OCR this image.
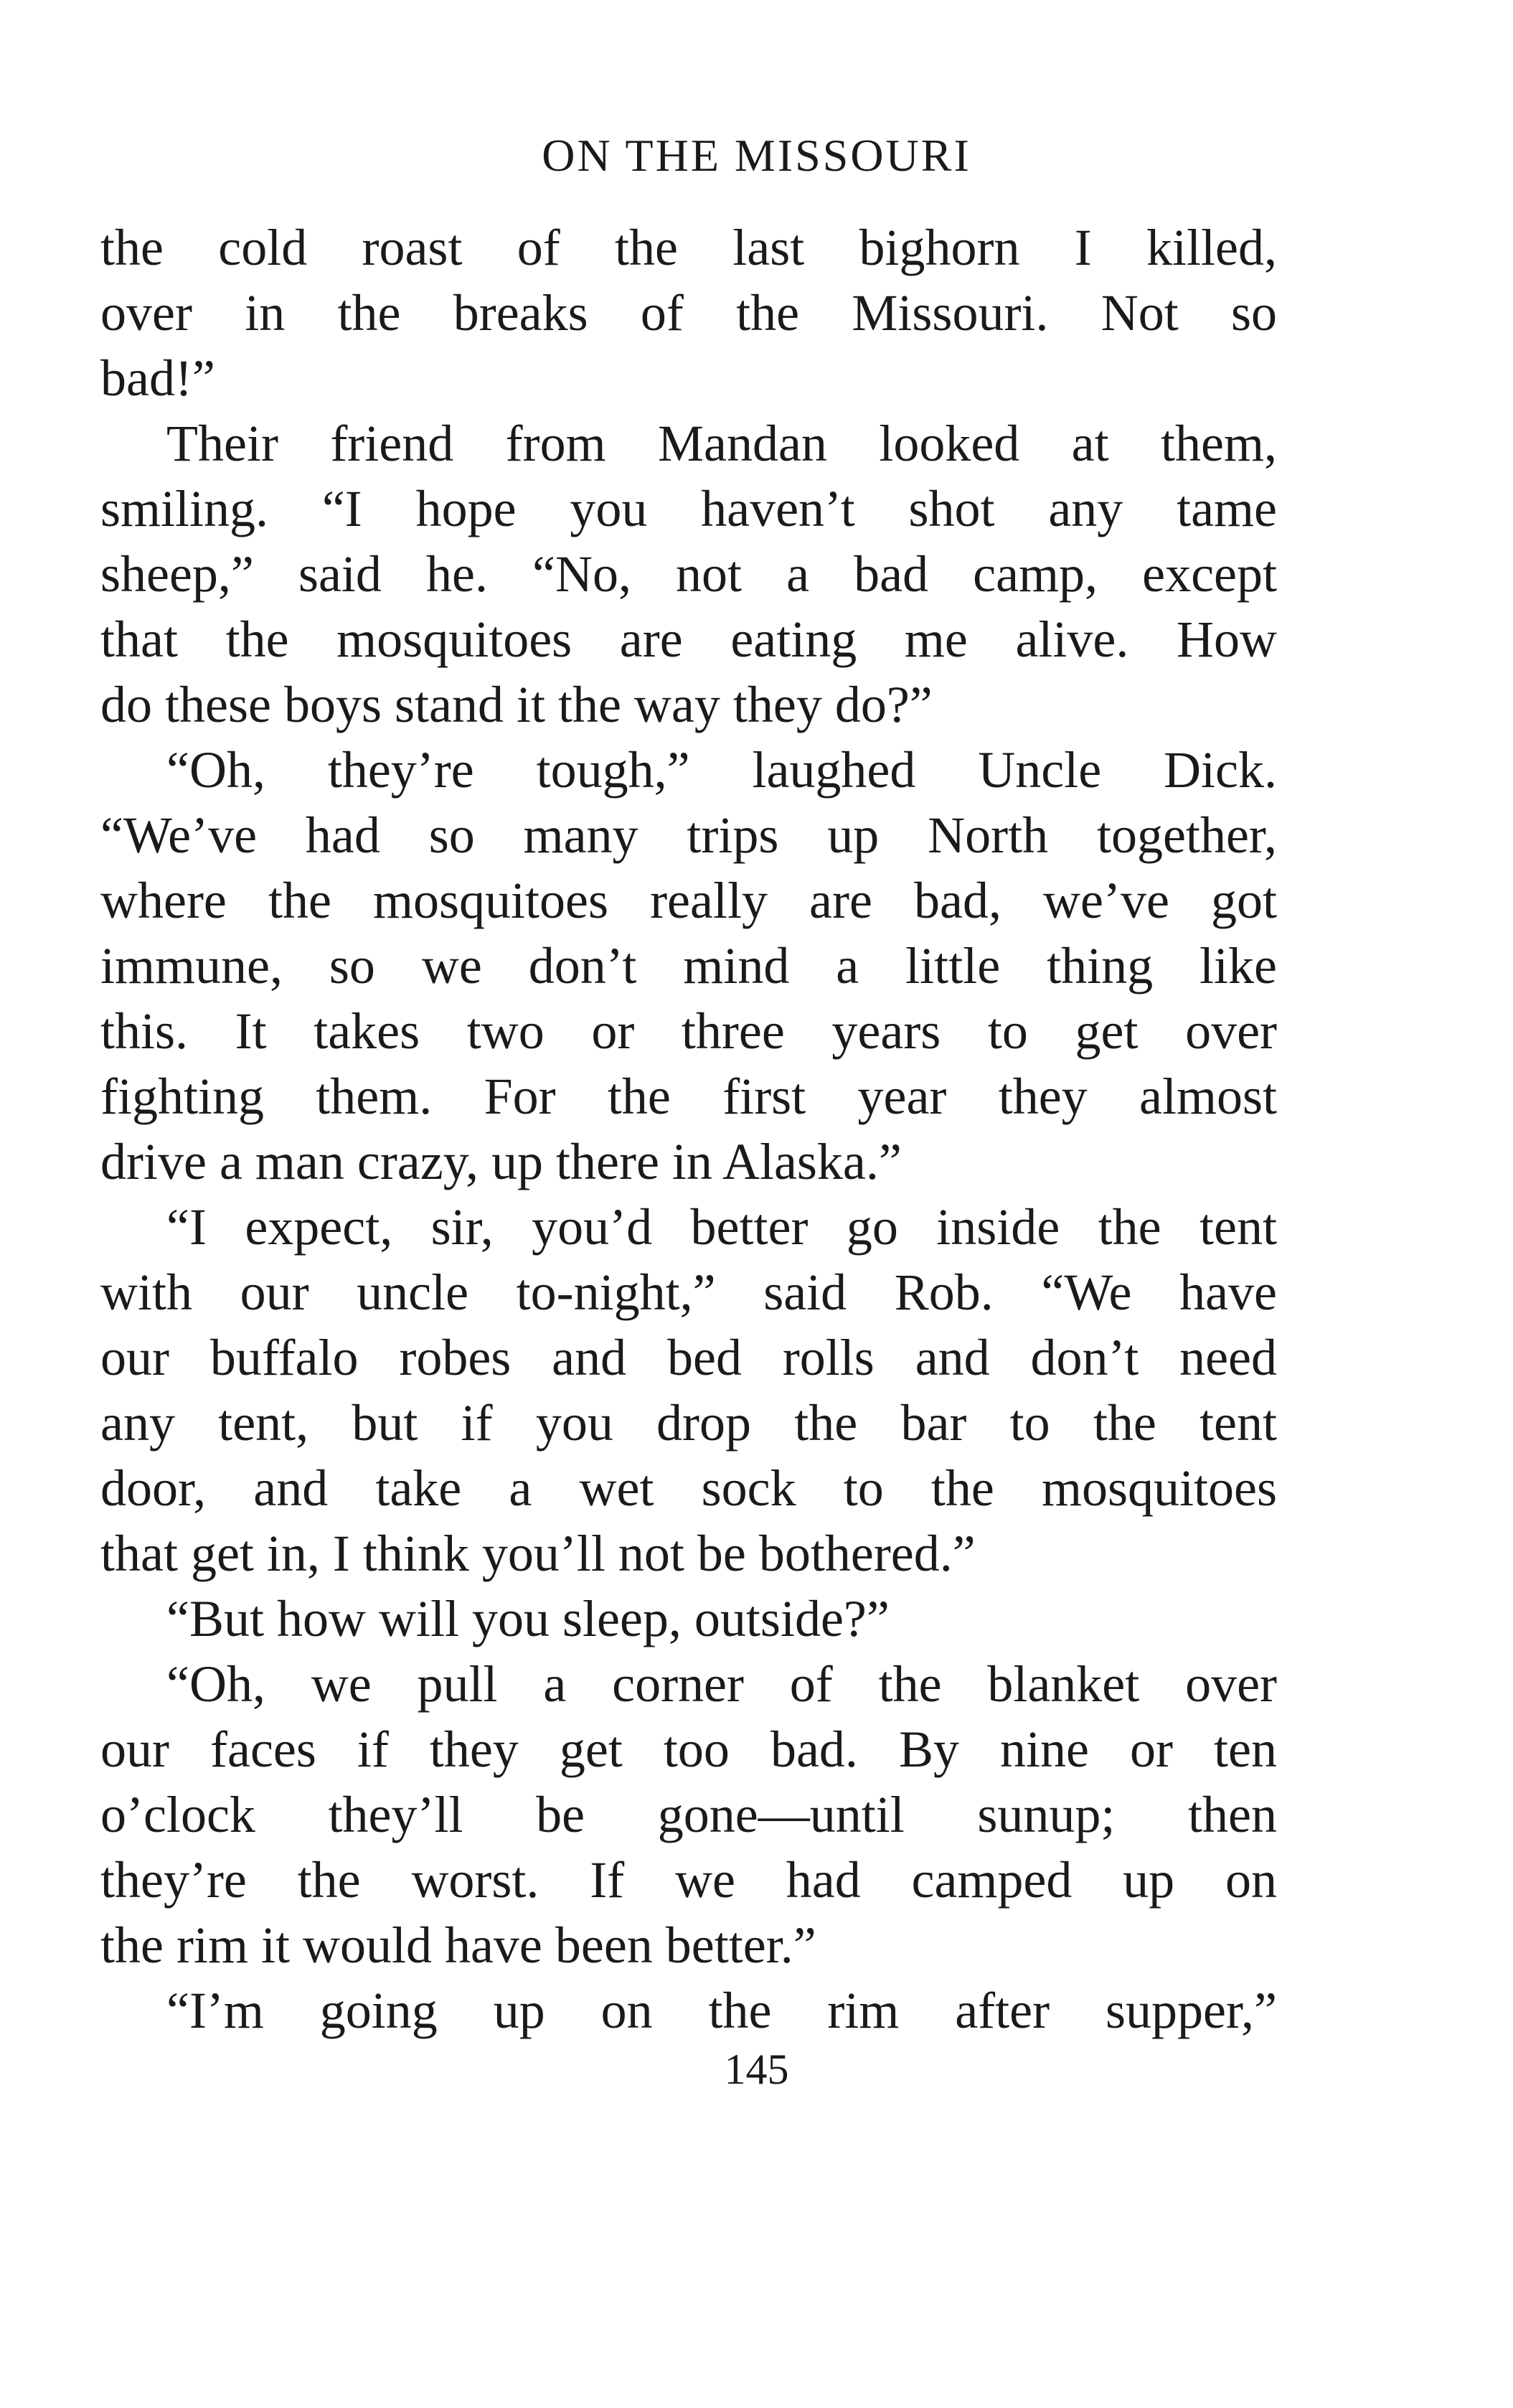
ON THE MISSOURI
the cold roast of the last bighorn I killed,
over in the breaks of the Missouri. Not so
bad!”
Their friend from Mandan looked at them,
smiling. “I hope you haven’t shot any tame
sheep,” said he. “No, not a bad camp, except
that the mosquitoes are eating me alive. How
do these boys stand it the way they do?”
“Oh, they’re tough,” laughed Uncle Dick.
“We’ve had so many trips up North together,
where the mosquitoes really are bad, we’ve got
immune, so we don’t mind a little thing like
this. It takes two or three years to get over
fighting them. For the first year they almost
drive a man crazy, up there in Alaska.”
“I expect, sir, you’d better go inside the tent
with our uncle to-night,” said Rob. “We have
our buffalo robes and bed rolls and don’t need
any tent, but if you drop the bar to the tent
door, and take a wet sock to the mosquitoes
that get in, I think you’ll not be bothered.”
“But how will you sleep, outside?”
“Oh, we pull a corner of the blanket over
our faces if they get too bad. By nine or ten
o’clock they’ll be gone—until sunup; then
they’re the worst. If we had camped up on
the rim it would have been better.”
“I’m going up on the rim after supper,”
145
